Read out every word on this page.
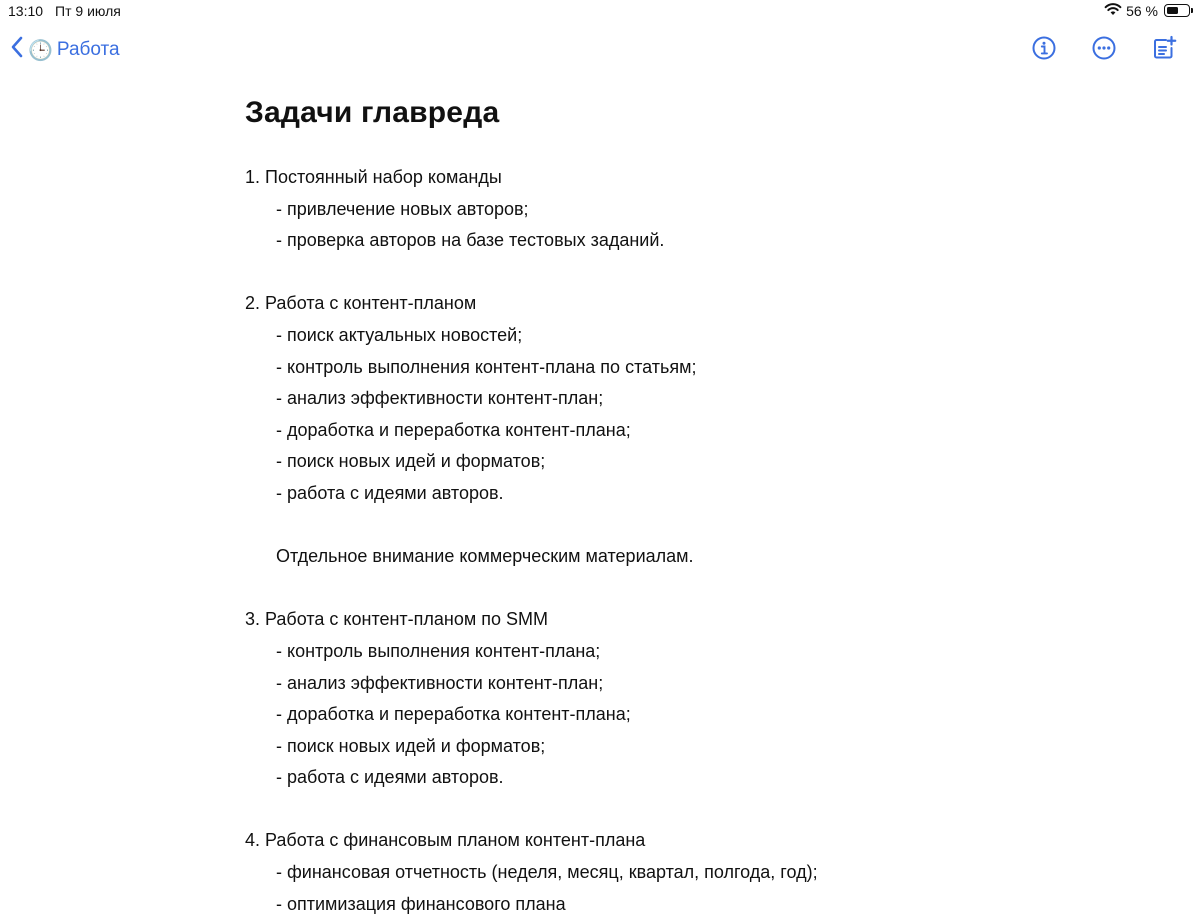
13:10 Пт 9 июля	56 %
🕒 Работа
Задачи главреда
1. Постоянный набор команды
- привлечение новых авторов;
- проверка авторов на базе тестовых заданий.
2. Работа с контент-планом
- поиск актуальных новостей;
- контроль выполнения контент-плана по статьям;
- анализ эффективности контент-план;
- доработка и переработка контент-плана;
- поиск новых идей и форматов;
- работа с идеями авторов.
Отдельное внимание коммерческим материалам.
3. Работа с контент-планом по SMM
- контроль выполнения контент-плана;
- анализ эффективности контент-план;
- доработка и переработка контент-плана;
- поиск новых идей и форматов;
- работа с идеями авторов.
4. Работа с финансовым планом контент-плана
- финансовая отчетность (неделя, месяц, квартал, полгода, год);
- оптимизация финансового плана
